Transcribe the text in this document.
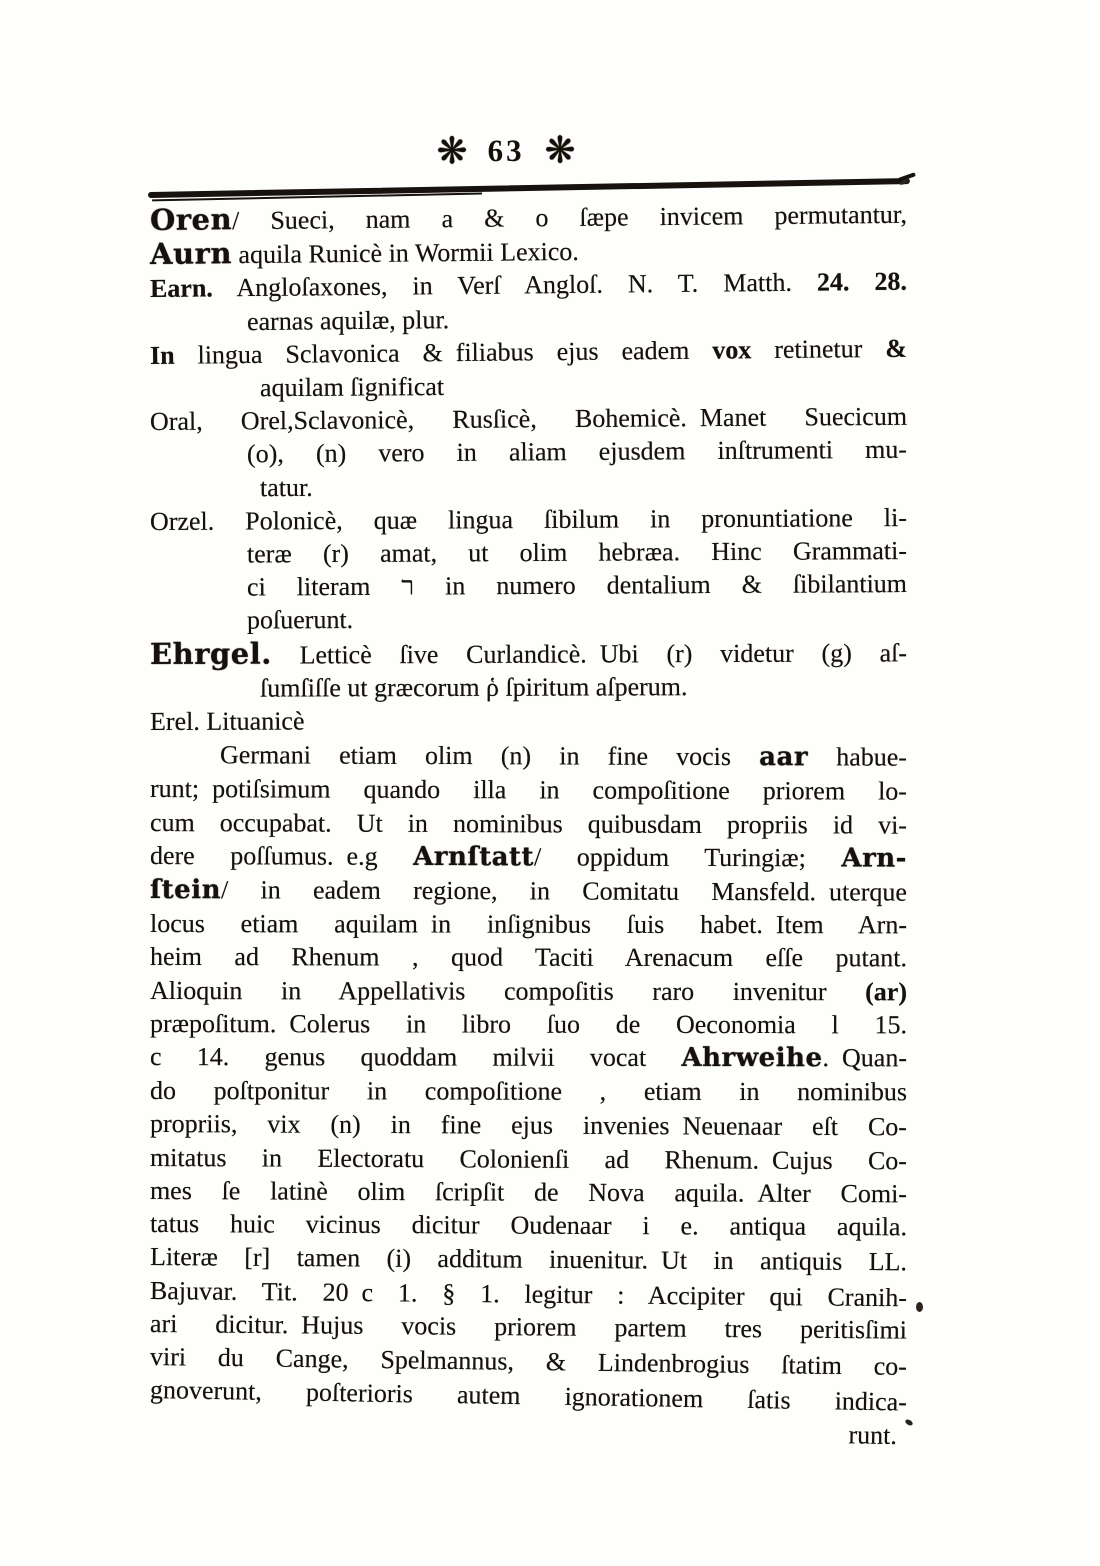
❋ 63 ❋
Oren/ Sueci, nam a & o ſæpe invicem permutantur,
Aurn aquila Runicè in Wormii Lexico.
Earn. Angloſaxones, in Verſ Angloſ. N. T. Matth. 24. 28.
earnas aquilæ, plur.
In lingua Sclavonica & filiabus ejus eadem vox retinetur &
aquilam ſignificat
Oral, Orel,Sclavonicè, Rusſicè, Bohemicè. Manet Suecicum
(o), (n) vero in aliam ejusdem inſtrumenti mu-
tatur.
Orzel. Polonicè, quæ lingua ſibilum in pronuntiatione li-
teræ (r) amat, ut olim hebræa. Hinc Grammati-
ci literam ר in numero dentalium & ſibilantium
poſuerunt.
Ehrgel. Letticè ſive Curlandicè. Ubi (r) videtur (g) aſ-
ſumſiſſe ut græcorum ῥ ſpiritum aſperum.
Erel. Lituanicè
Germani etiam olim (n) in fine vocis aar habue-
runt; potiſsimum quando illa in compoſitione priorem lo-
cum occupabat. Ut in nominibus quibusdam propriis id vi-
dere poſſumus. e.g Arnſtatt/ oppidum Turingiæ; Arn-
ſtein/ in eadem regione, in Comitatu Mansfeld. uterque
locus etiam aquilam in inſignibus ſuis habet. Item Arn-
heim ad Rhenum , quod Taciti Arenacum eſſe putant.
Alioquin in Appellativis compoſitis raro invenitur (ar)
præpoſitum. Colerus in libro ſuo de Oeconomia l 15.
c 14. genus quoddam milvii vocat Ahrweihe. Quan-
do poſtponitur in compoſitione , etiam in nominibus
propriis, vix (n) in fine ejus invenies Neuenaar eſt Co-
mitatus in Electoratu Colonienſi ad Rhenum. Cujus Co-
mes ſe latinè olim ſcripſit de Nova aquila. Alter Comi-
tatus huic vicinus dicitur Oudenaar i e. antiqua aquila.
Literæ [r] tamen (i) additum inuenitur. Ut in antiquis LL.
Bajuvar. Tit. 20 c 1. § 1. legitur : Accipiter qui Cranih-
ari dicitur. Hujus vocis priorem partem tres peritisſimi
viri du Cange, Spelmannus, & Lindenbrogius ſtatim co-
gnoverunt, poſterioris autem ignorationem ſatis indica-
runt.
